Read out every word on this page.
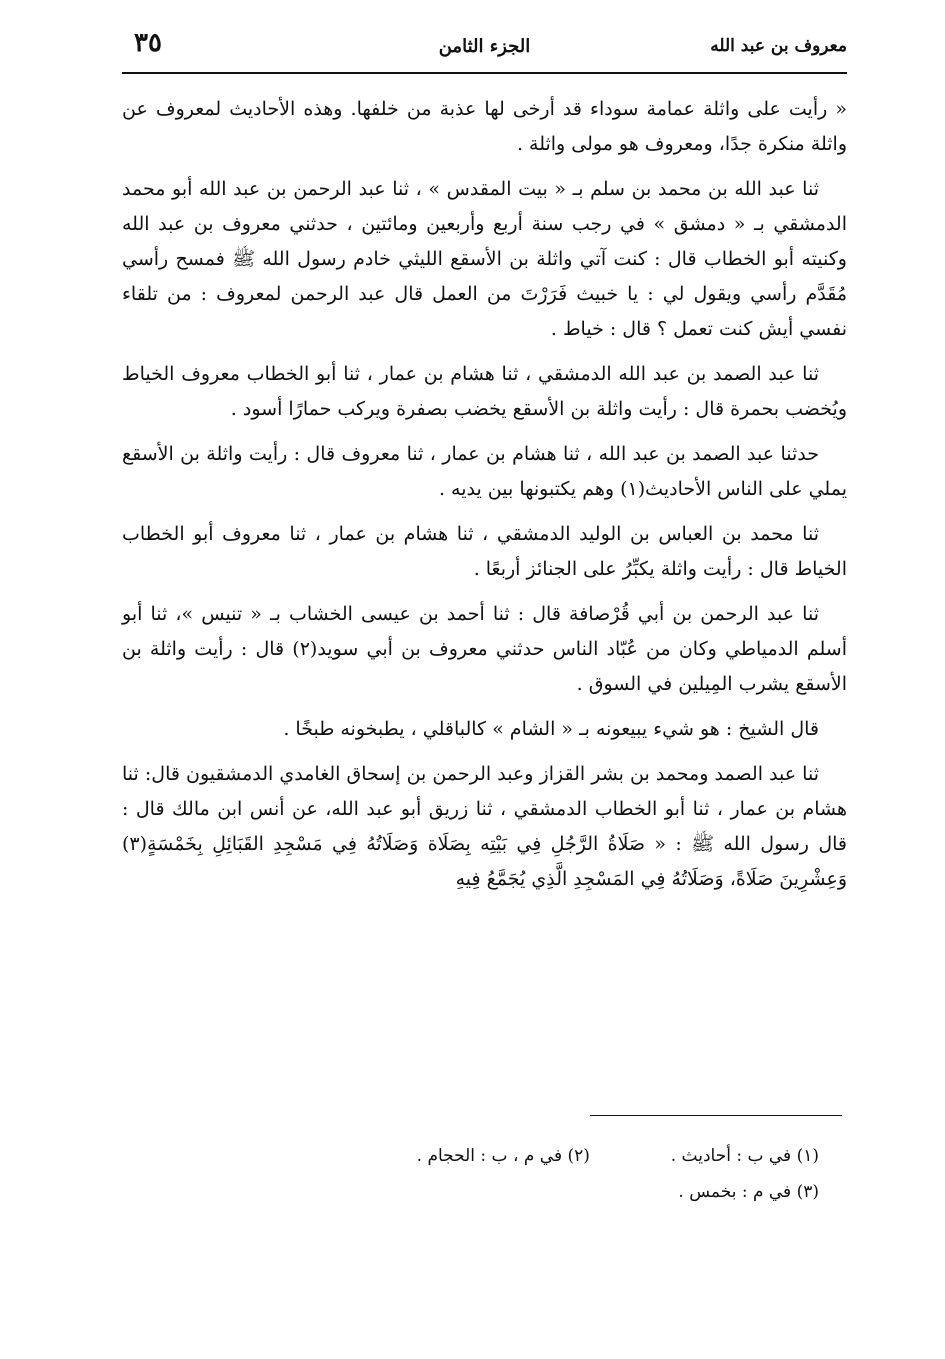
معروف بن عبد الله
الجزء الثامن
٣٥

« رأيت على واثلة عمامة سوداء قد أرخى لها عذبة من خلفها. وهذه الأحاديث لمعروف عن واثلة منكرة جدًا، ومعروف هو مولى واثلة .

ثنا عبد الله بن محمد بن سلم بـ « بيت المقدس » ، ثنا عبد الرحمن بن عبد الله أبو محمد الدمشقي بـ « دمشق » في رجب سنة أربع وأربعين ومائتين ، حدثني معروف بن عبد الله وكنيته أبو الخطاب قال : كنت آتي واثلة بن الأسقع الليثي خادم رسول الله ﷺ فمسح رأسي مُقَدَّم رأسي ويقول لي : يا خبيث فَرَرْتَ من العمل قال عبد الرحمن لمعروف : من تلقاء نفسي أيش كنت تعمل ؟ قال : خياط .

ثنا عبد الصمد بن عبد الله الدمشقي ، ثنا هشام بن عمار ، ثنا أبو الخطاب معروف الخياط ويُخضب بحمرة قال : رأيت واثلة بن الأسقع يخضب بصفرة ويركب حمارًا أسود .

حدثنا عبد الصمد بن عبد الله ، ثنا هشام بن عمار ، ثنا معروف قال : رأيت واثلة بن الأسقع يملي على الناس الأحاديث(١) وهم يكتبونها بين يديه .

ثنا محمد بن العباس بن الوليد الدمشقي ، ثنا هشام بن عمار ، ثنا معروف أبو الخطاب الخياط قال : رأيت واثلة يكبِّرُ على الجنائز أربعًا .

ثنا عبد الرحمن بن أبي قُرْصافة قال : ثنا أحمد بن عيسى الخشاب بـ « تنيس »، ثنا أبو أسلم الدمياطي وكان من عُبّاد الناس حدثني معروف بن أبي سويد(٢) قال : رأيت واثلة بن الأسقع يشرب المِيلين في السوق .

قال الشيخ : هو شيء يبيعونه بـ « الشام » كالباقلي ، يطبخونه طبخًا .

ثنا عبد الصمد ومحمد بن بشر القزاز وعبد الرحمن بن إسحاق الغامدي الدمشقيون قال: ثنا هشام بن عمار ، ثنا أبو الخطاب الدمشقي ، ثنا زريق أبو عبد الله، عن أنس ابن مالك قال : قال رسول الله ﷺ : « صَلَاةُ الرَّجُلِ فِي بَيْتِه بِصَلَاة وَصَلَاتُهُ فِي مَسْجِدِ القَبَائِلِ بِخَمْسَةٍ(٣) وَعِشْرِينَ صَلَاةً، وَصَلَاتُهُ فِي المَسْجِدِ الَّذِي يُجَمَّعُ فِيهِ

(١) في ب : أحاديث .  (٢) في م ، ب : الحجام .
(٣) في م : بخمس .
